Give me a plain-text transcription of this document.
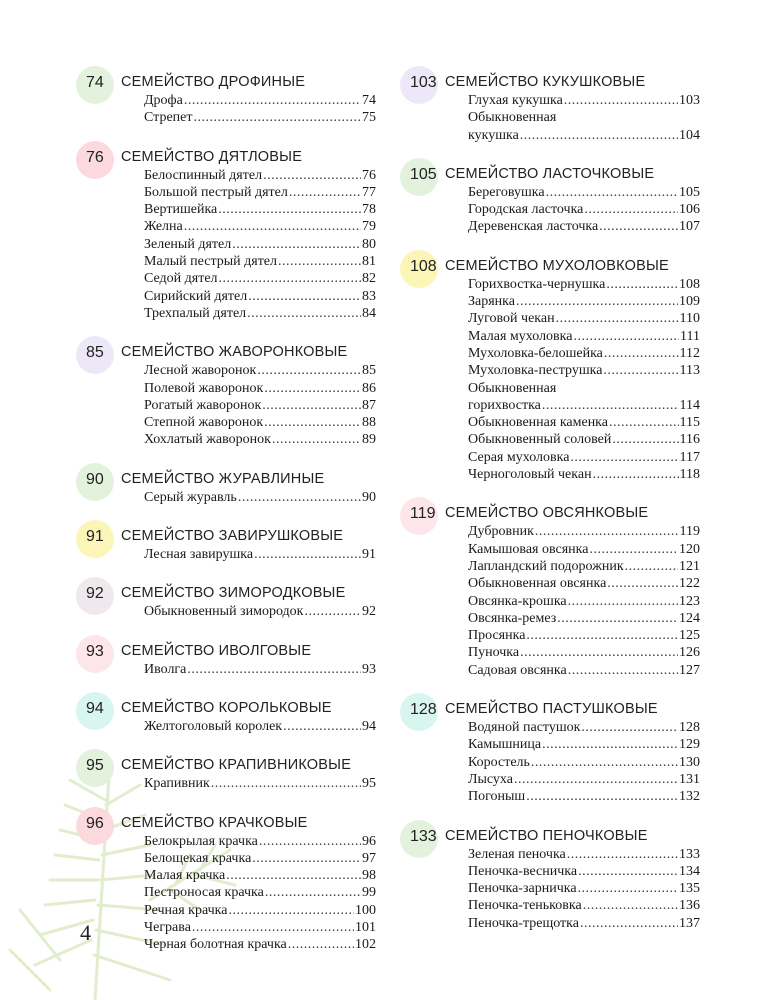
74 СЕМЕЙСТВО ДРОФИНЫЕ
Дрофа .....	74
Стрепет .....	75
76 СЕМЕЙСТВО ДЯТЛОВЫЕ
Белоспинный дятел .....	76
Большой пестрый дятел .....	77
Вертишейка .....	78
Желна .....	79
Зеленый дятел .....	80
Малый пестрый дятел .....	81
Седой дятел .....	82
Сирийский дятел .....	83
Трехпалый дятел .....	84
85 СЕМЕЙСТВО ЖАВОРОНКОВЫЕ
Лесной жаворонок .....	85
Полевой жаворонок .....	86
Рогатый жаворонок .....	87
Степной жаворонок .....	88
Хохлатый жаворонок .....	89
90 СЕМЕЙСТВО ЖУРАВЛИНЫЕ
Серый журавль .....	90
91 СЕМЕЙСТВО ЗАВИРУШКОВЫЕ
Лесная завирушка .....	91
92 СЕМЕЙСТВО ЗИМОРОДКОВЫЕ
Обыкновенный зимородок .....	92
93 СЕМЕЙСТВО ИВОЛГОВЫЕ
Иволга .....	93
94 СЕМЕЙСТВО КОРОЛЬКОВЫЕ
Желтоголовый королек .....	94
95 СЕМЕЙСТВО КРАПИВНИКОВЫЕ
Крапивник .....	95
96 СЕМЕЙСТВО КРАЧКОВЫЕ
Белокрылая крачка .....	96
Белощекая крачка .....	97
Малая крачка .....	98
Пестроносая крачка .....	99
Речная крачка .....	100
Чеграва .....	101
Черная болотная крачка .....	102
103 СЕМЕЙСТВО КУКУШКОВЫЕ
Глухая кукушка .....	103
Обыкновенная
кукушка .....	104
105 СЕМЕЙСТВО ЛАСТОЧКОВЫЕ
Береговушка .....	105
Городская ласточка .....	106
Деревенская ласточка .....	107
108 СЕМЕЙСТВО МУХОЛОВКОВЫЕ
Горихвостка-чернушка .....	108
Зарянка .....	109
Луговой чекан .....	110
Малая мухоловка .....	111
Мухоловка-белошейка .....	112
Мухоловка-пеструшка .....	113
Обыкновенная
горихвостка .....	114
Обыкновенная каменка .....	115
Обыкновенный соловей .....	116
Серая мухоловка .....	117
Черноголовый чекан .....	118
119 СЕМЕЙСТВО ОВСЯНКОВЫЕ
Дубровник .....	119
Камышовая овсянка .....	120
Лапландский подорожник .....	121
Обыкновенная овсянка .....	122
Овсянка-крошка .....	123
Овсянка-ремез .....	124
Просянка .....	125
Пуночка .....	126
Садовая овсянка .....	127
128 СЕМЕЙСТВО ПАСТУШКОВЫЕ
Водяной пастушок .....	128
Камышница .....	129
Коростель .....	130
Лысуха .....	131
Погоныш .....	132
133 СЕМЕЙСТВО ПЕНОЧКОВЫЕ
Зеленая пеночка .....	133
Пеночка-весничка .....	134
Пеночка-зарничка .....	135
Пеночка-теньковка .....	136
Пеночка-трещотка .....	137
4
